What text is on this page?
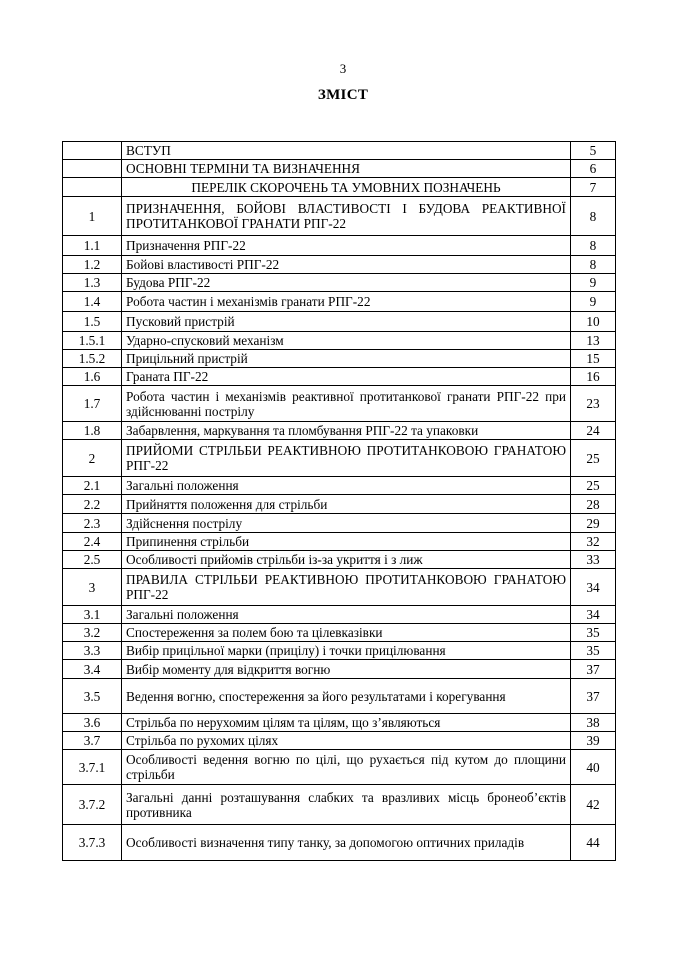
3
ЗМІСТ
	ВСТУП	5
	ОСНОВНІ ТЕРМІНИ ТА ВИЗНАЧЕННЯ	6
	ПЕРЕЛІК СКОРОЧЕНЬ ТА УМОВНИХ ПОЗНАЧЕНЬ	7
1	ПРИЗНАЧЕННЯ, БОЙОВІ ВЛАСТИВОСТІ І БУДОВА РЕАКТИВНОЇ ПРОТИТАНКОВОЇ ГРАНАТИ РПГ-22	8
1.1	Призначення РПГ-22	8
1.2	Бойові властивості РПГ-22	8
1.3	Будова РПГ-22	9
1.4	Робота частин і механізмів гранати РПГ-22	9
1.5	Пусковий пристрій	10
1.5.1	Ударно-спусковий механізм	13
1.5.2	Прицільний пристрій	15
1.6	Граната ПГ-22	16
1.7	Робота частин і механізмів реактивної протитанкової гранати РПГ-22 при здійснюванні пострілу	23
1.8	Забарвлення, маркування та пломбування РПГ-22 та упаковки	24
2	ПРИЙОМИ СТРІЛЬБИ РЕАКТИВНОЮ ПРОТИТАНКОВОЮ ГРАНАТОЮ РПГ-22	25
2.1	Загальні положення	25
2.2	Прийняття положення для стрільби	28
2.3	Здійснення пострілу	29
2.4	Припинення стрільби	32
2.5	Особливості прийомів стрільби із-за укриття і з лиж	33
3	ПРАВИЛА СТРІЛЬБИ РЕАКТИВНОЮ ПРОТИТАНКОВОЮ ГРАНАТОЮ РПГ-22	34
3.1	Загальні положення	34
3.2	Спостереження за полем бою та цілевказівки	35
3.3	Вибір прицільної марки (прицілу) і точки прицілювання	35
3.4	Вибір моменту для відкриття вогню	37
3.5	Ведення вогню, спостереження за його результатами і корегування	37
3.6	Стрільба по нерухомим цілям та цілям, що з’являються	38
3.7	Стрільба по рухомих цілях	39
3.7.1	Особливості ведення вогню по цілі, що рухається під кутом до площини стрільби	40
3.7.2	Загальні данні розташування слабких та вразливих місць бронеоб’єктів противника	42
3.7.3	Особливості визначення типу танку, за допомогою оптичних приладів	44
